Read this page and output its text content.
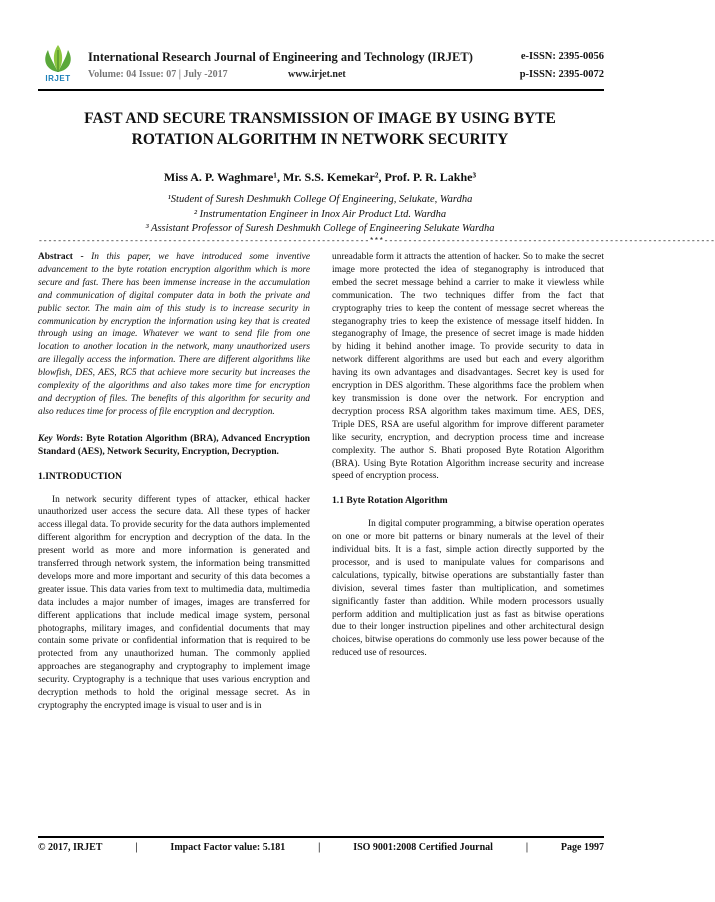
IRJET
International Research Journal of Engineering and Technology (IRJET)	e-ISSN: 2395-0056
Volume: 04 Issue: 07 | July -2017	www.irjet.net	p-ISSN: 2395-0072
FAST AND SECURE TRANSMISSION OF IMAGE BY USING BYTE ROTATION ALGORITHM IN NETWORK SECURITY
Miss A. P. Waghmare¹, Mr. S.S. Kemekar², Prof. P. R. Lakhe³
¹Student of Suresh Deshmukh College Of Engineering, Selukate, Wardha
² Instrumentation Engineer in Inox Air Product Ltd. Wardha
³ Assistant Professor of Suresh Deshmukh College of Engineering Selukate Wardha
---------------------------------------------------------------------***---------------------------------------------------------------------

Abstract - In this paper, we have introduced some inventive advancement to the byte rotation encryption algorithm which is more secure and fast. There has been immense increase in the accumulation and communication of digital computer data in both the private and public sector. The main aim of this study is to increase security in communication by encryption the information using key that is created through using an image. Whatever we want to send file from one location to another location in the network, many unauthorized users are illegally access the information. There are different algorithms like blowfish, DES, AES, RC5 that achieve more security but increases the complexity of the algorithms and also takes more time for encryption and decryption of files. The benefits of this algorithm for security and also reduces time for process of file encryption and decryption.

Key Words: Byte Rotation Algorithm (BRA), Advanced Encryption Standard (AES), Network Security, Encryption, Decryption.

1.INTRODUCTION

In network security different types of attacker, ethical hacker unauthorized user access the secure data. All these types of hacker access illegal data. To provide security for the data authors implemented different algorithm for encryption and decryption of the data. In the present world as more and more information is generated and transferred through network system, the information being transmitted develops more and more important and security of this data becomes a greater issue. This data varies from text to multimedia data, multimedia data includes a major number of images, images are transferred for different applications that include medical image system, personal photographs, military images, and confidential documents that may contain some private or confidential information that is required to be protected from any unauthorized human. The commonly applied approaches are steganography and cryptography to implement image security. Cryptography is a technique that uses various encryption and decryption methods to hold the original message secret. As in cryptography the encrypted image is visual to user and is in

unreadable form it attracts the attention of hacker. So to make the secret image more protected the idea of steganography is introduced that embed the secret message behind a carrier to make it viewless while communication. The two techniques differ from the fact that cryptography tries to keep the content of message secret whereas the steganography tries to keep the existence of message itself hidden. In steganography of Image, the presence of secret image is made hidden by hiding it behind another image. To provide security to data in network different algorithms are used but each and every algorithm having its own advantages and disadvantages. Secret key is used for encryption in DES algorithm. These algorithms face the problem when key transmission is done over the network. For encryption and decryption process RSA algorithm takes maximum time. AES, DES, Triple DES, RSA are useful algorithm for improve different parameter like security, encryption, and decryption process time and increase complexity. The author S. Bhati proposed Byte Rotation Algorithm (BRA). Using Byte Rotation Algorithm increase security and increase speed of encryption process.

1.1 Byte Rotation Algorithm

In digital computer programming, a bitwise operation operates on one or more bit patterns or binary numerals at the level of their individual bits. It is a fast, simple action directly supported by the processor, and is used to manipulate values for comparisons and calculations, typically, bitwise operations are substantially faster than division, several times faster than multiplication, and sometimes significantly faster than addition. While modern processors usually perform addition and multiplication just as fast as bitwise operations due to their longer instruction pipelines and other architectural design choices, bitwise operations do commonly use less power because of the reduced use of resources.

© 2017, IRJET	|	Impact Factor value: 5.181	|	ISO 9001:2008 Certified Journal	|	Page 1997
